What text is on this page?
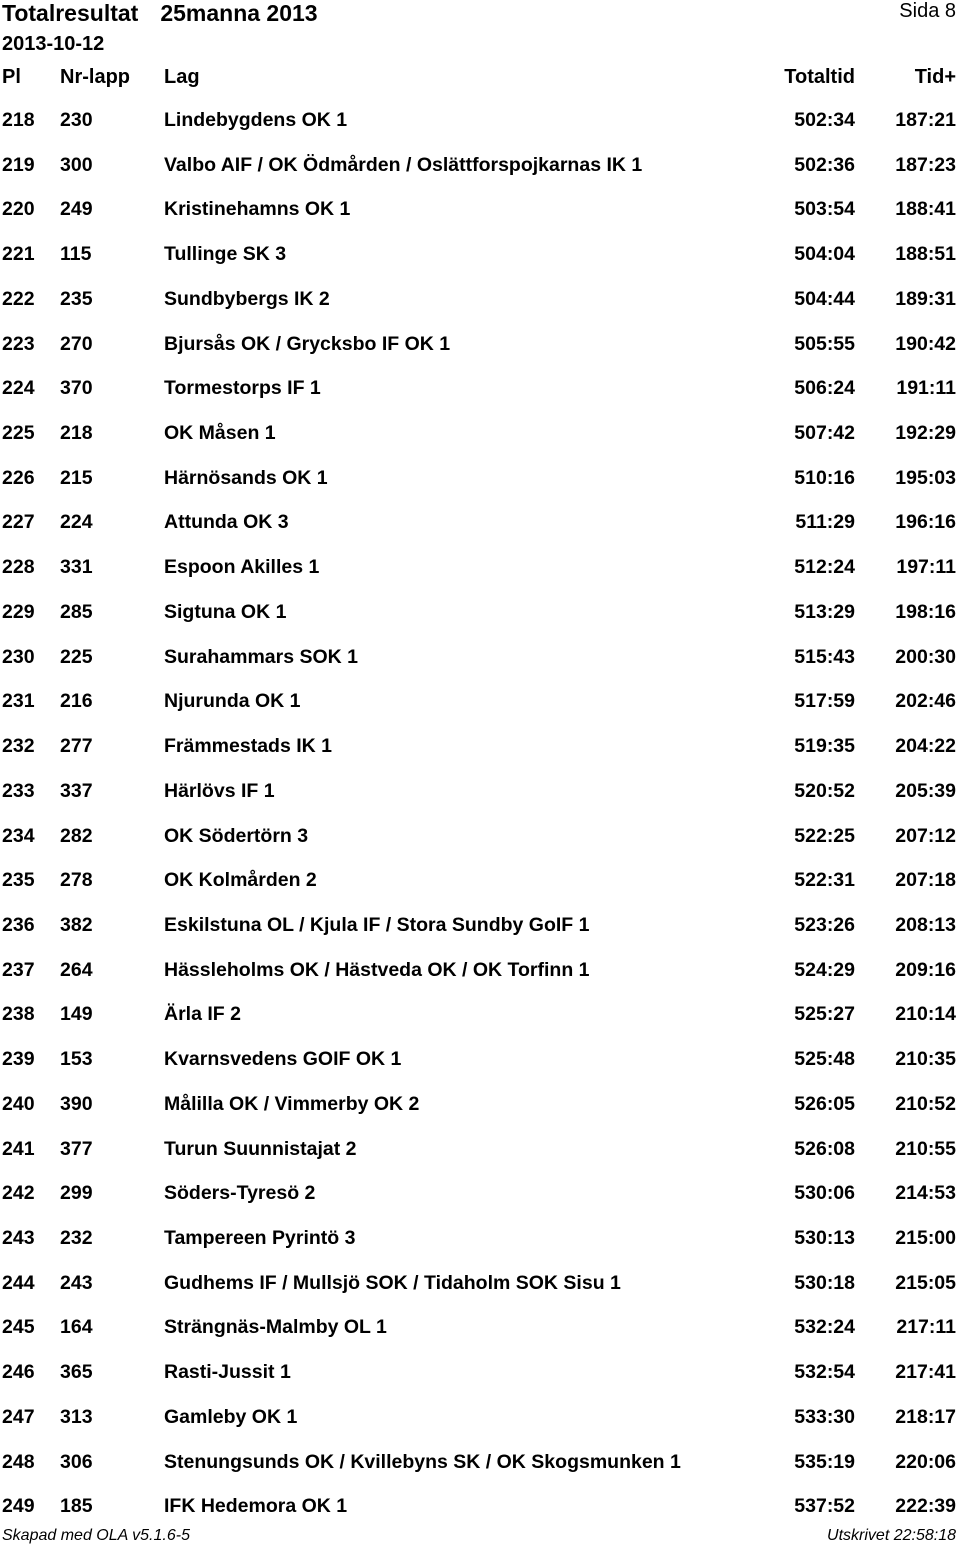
Totalresultat 25manna 2013	Sida 8
2013-10-12
Pl Nr-lapp Lag	Totaltid	Tid+
218 230	Lindebygdens OK 1	502:34	187:21
219 300	Valbo AIF / OK Ödmården / Oslättforspojkarnas IK 1	502:36	187:23
220 249	Kristinehamns OK 1	503:54	188:41
221 115	Tullinge SK 3	504:04	188:51
222 235	Sundbybergs IK 2	504:44	189:31
223 270	Bjursås OK / Grycksbo IF OK 1	505:55	190:42
224 370	Tormestorps IF 1	506:24	191:11
225 218	OK Måsen 1	507:42	192:29
226 215	Härnösands OK 1	510:16	195:03
227 224	Attunda OK 3	511:29	196:16
228 331	Espoon Akilles 1	512:24	197:11
229 285	Sigtuna OK 1	513:29	198:16
230 225	Surahammars SOK 1	515:43	200:30
231 216	Njurunda OK 1	517:59	202:46
232 277	Främmestads IK 1	519:35	204:22
233 337	Härlövs IF 1	520:52	205:39
234 282	OK Södertörn 3	522:25	207:12
235 278	OK Kolmården 2	522:31	207:18
236 382	Eskilstuna OL / Kjula IF / Stora Sundby GoIF 1	523:26	208:13
237 264	Hässleholms OK / Hästveda OK / OK Torfinn 1	524:29	209:16
238 149	Ärla IF 2	525:27	210:14
239 153	Kvarnsvedens GOIF OK 1	525:48	210:35
240 390	Målilla OK / Vimmerby OK 2	526:05	210:52
241 377	Turun Suunnistajat 2	526:08	210:55
242 299	Söders-Tyresö 2	530:06	214:53
243 232	Tampereen Pyrintö 3	530:13	215:00
244 243	Gudhems IF / Mullsjö SOK / Tidaholm SOK Sisu 1	530:18	215:05
245 164	Strängnäs-Malmby OL 1	532:24	217:11
246 365	Rasti-Jussit 1	532:54	217:41
247 313	Gamleby OK 1	533:30	218:17
248 306	Stenungsunds OK / Kvillebyns SK / OK Skogsmunken 1	535:19	220:06
249 185	IFK Hedemora OK 1	537:52	222:39
Skapad med OLA v5.1.6-5	Utskrivet 22:58:18
